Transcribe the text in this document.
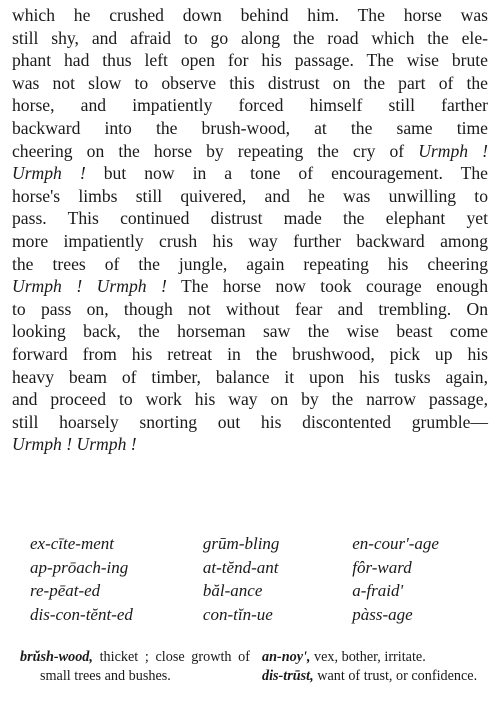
which he crushed down behind him. The horse was
still shy, and afraid to go along the road which the ele-
phant had thus left open for his passage. The wise brute
was not slow to observe this distrust on the part of the
horse, and impatiently forced himself still farther
backward into the brush-wood, at the same time
cheering on the horse by repeating the cry of Urmph !
Urmph ! but now in a tone of encouragement. The
horse's limbs still quivered, and he was unwilling to
pass. This continued distrust made the elephant yet
more impatiently crush his way further backward among
the trees of the jungle, again repeating his cheering
Urmph ! Urmph ! The horse now took courage enough
to pass on, though not without fear and trembling. On
looking back, the horseman saw the wise beast come
forward from his retreat in the brushwood, pick up his
heavy beam of timber, balance it upon his tusks again,
and proceed to work his way on by the narrow passage,
still hoarsely snorting out his discontented grumble—
Urmph ! Urmph !
ex-cīte-ment	grūm-bling	en-cour'-age
ap-prōach-ing	at-tĕnd-ant	fôr-ward
re-pēat-ed	băl-ance	a-fraid'
dis-con-tĕnt-ed	con-tĭn-ue	pàss-age
brŭsh-wood, thicket ; close growth of small trees and bushes.
an-noy', vex, bother, irritate.
dis-trūst, want of trust, or confidence.
